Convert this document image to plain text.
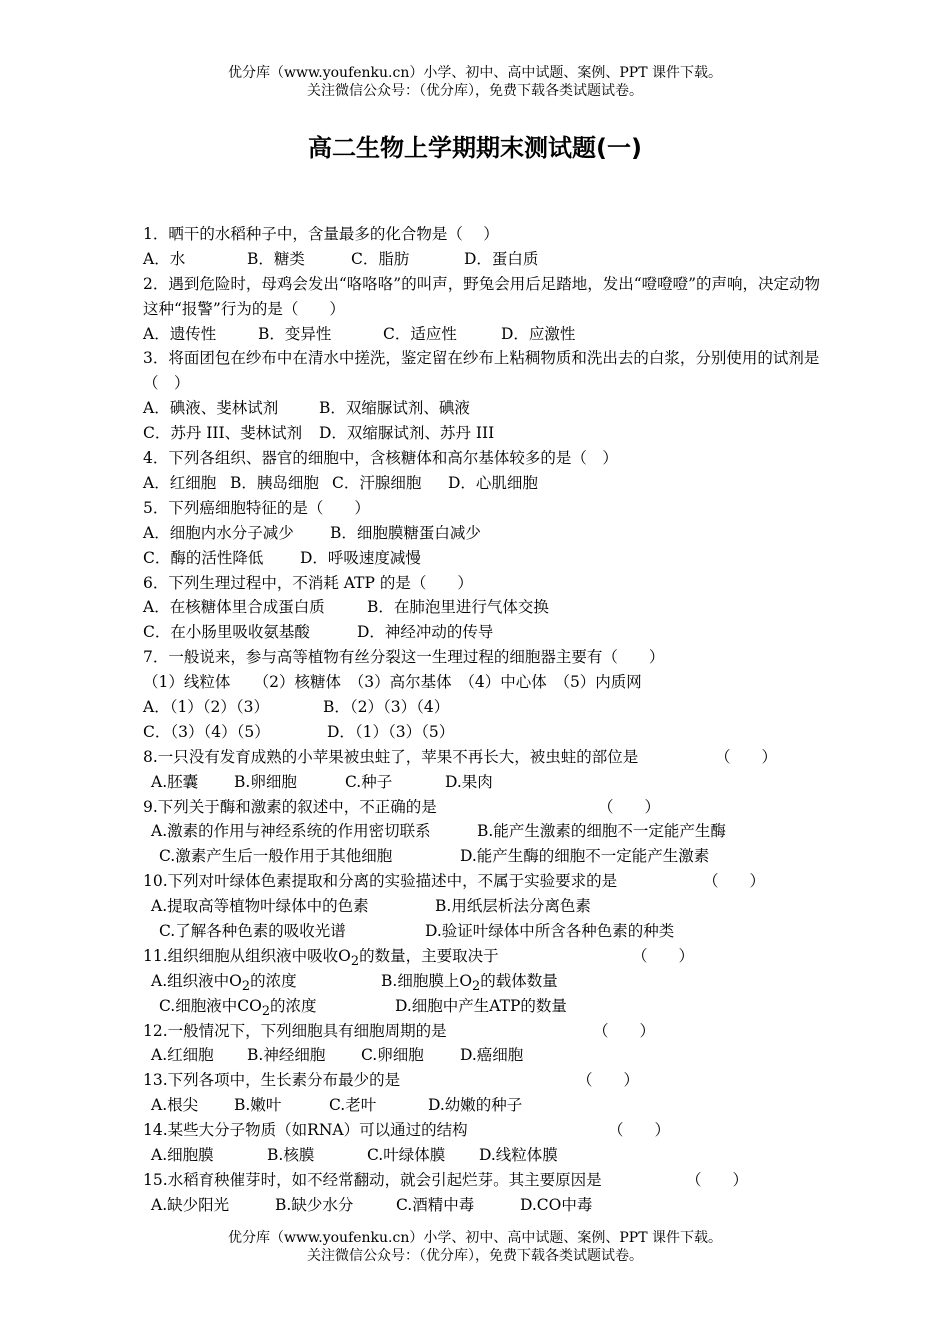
优分库（www.youfenku.cn）小学、初中、高中试题、案例、PPT 课件下载。
关注微信公众号：（优分库），免费下载各类试题试卷。
高二生物上学期期末测试题(一)
1．晒干的水稻种子中，含量最多的化合物是（　 ）
A．水	B．糖类	C．脂肪	D．蛋白质
2．遇到危险时，母鸡会发出“咯咯咯”的叫声，野兔会用后足踏地，发出“噔噔噔”的声响，决定动物这种“报警”行为的是（　　）
A．遗传性	B．变异性	C．适应性	D．应激性
3．将面团包在纱布中在清水中搓洗，鉴定留在纱布上粘稠物质和洗出去的白浆，分别使用的试剂是（　）
A．碘液、斐林试剂	B．双缩脲试剂、碘液
C．苏丹 III、斐林试剂 D．双缩脲试剂、苏丹 III
4．下列各组织、器官的细胞中，含核糖体和高尔基体较多的是（　）
A．红细胞 B．胰岛细胞 C．汗腺细胞 D．心肌细胞
5．下列癌细胞特征的是（　　）
A．细胞内水分子减少 B．细胞膜糖蛋白减少
C．酶的活性降低 D．呼吸速度减慢
6．下列生理过程中，不消耗 ATP 的是（　　）
A．在核糖体里合成蛋白质	B．在肺泡里进行气体交换
C．在小肠里吸收氨基酸	D．神经冲动的传导
7．一般说来，参与高等植物有丝分裂这一生理过程的细胞器主要有（　　）
（1）线粒体　　（2）核糖体　（3）高尔基体　（4）中心体　（5）内质网
A．（1）（2）（3）	B．（2）（3）（4）
C．（3）（4）（5）	D．（1）（3）（5）
8.一只没有发育成熟的小苹果被虫蛀了，苹果不再长大，被虫蛀的部位是	（　　）
A.胚囊 B.卵细胞	C.种子	D.果肉
9.下列关于酶和激素的叙述中，不正确的是	（　　）
A.激素的作用与神经系统的作用密切联系	B.能产生激素的细胞不一定能产生酶
C.激素产生后一般作用于其他细胞	D.能产生酶的细胞不一定能产生激素
10.下列对叶绿体色素提取和分离的实验描述中，不属于实验要求的是	（　　）
A.提取高等植物叶绿体中的色素	B.用纸层析法分离色素
C.了解各种色素的吸收光谱	D.验证叶绿体中所含各种色素的种类
11.组织细胞从组织液中吸收$O_2$的数量，主要取决于	（　　）
A.组织液中$O_2$的浓度	B.细胞膜上$O_2$的载体数量
C.细胞液中$CO_2$的浓度	D.细胞中产生ATP的数量
12.一般情况下，下列细胞具有细胞周期的是	（　　）
A.红细胞 B.神经细胞 C.卵细胞 D.癌细胞
13.下列各项中，生长素分布最少的是	（　　）
A.根尖 B.嫩叶	C.老叶	D.幼嫩的种子
14.某些大分子物质（如RNA）可以通过的结构	（　　）
A.细胞膜	B.核膜	C.叶绿体膜 D.线粒体膜
15.水稻育秧催芽时，如不经常翻动，就会引起烂芽。其主要原因是	（　　）
A.缺少阳光	B.缺少水分	C.酒精中毒	D.CO中毒
优分库（www.youfenku.cn）小学、初中、高中试题、案例、PPT 课件下载。
关注微信公众号：（优分库），免费下载各类试题试卷。
